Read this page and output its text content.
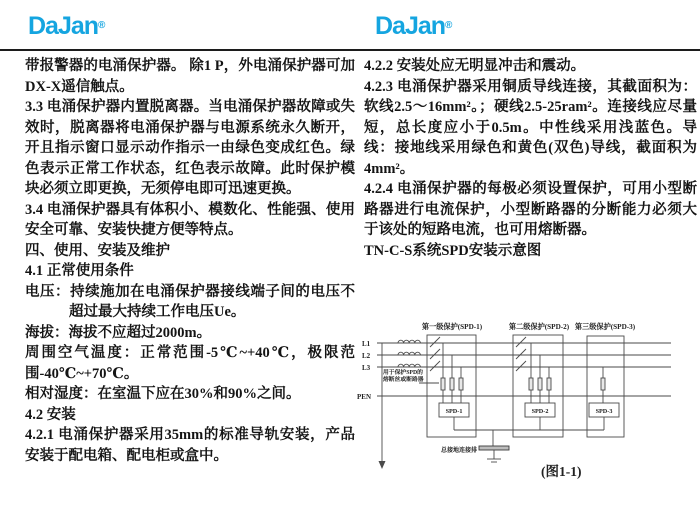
DaJan®	DaJan®

带报警器的电涌保护器。 除1 P，外电涌保护器可加DX-X遥信触点。

3.3 电涌保护器内置脱离器。当电涌保护器故障或失效时，脱离器将电涌保护器与电源系统永久断开，开且指示窗口显示动作指示一由绿色变成红色。绿色表示正常工作状态，红色表示故障。此时保护模块必须立即更换，无须停电即可迅速更换。

3.4 电涌保护器具有体积小、模数化、性能强、使用安全可靠、安装快捷方便等特点。

四、使用、安装及维护

4.1 正常使用条件

电压：持续施加在电涌保护器接线端子间的电压不超过最大持续工作电压Ue。

海拔：海拔不应超过2000m。

周围空气温度：正常范围-5℃~+40℃，极限范围-40℃~+70℃。

相对湿度：在室温下应在30%和90%之间。

4.2 安装

4.2.1 电涌保护器采用35mm的标准导轨安装，产品安装于配电箱、配电柜或盒中。

4.2.2 安装处应无明显冲击和震动。

4.2.3 电涌保护器采用铜质导线连接，其截面积为：软线2.5～16mm²。；硬线2.5-25ram²。连接线应尽量短，总长度应小于0.5m。中性线采用浅蓝色。导线：接地线采用绿色和黄色(双色)导线，截面积为4mm²。

4.2.4 电涌保护器的每极必须设置保护，可用小型断路器进行电流保护，小型断路器的分断能力必须大于该处的短路电流，也可用熔断器。

TN-C-S系统SPD安装示意图

第一级保护(SPD-1)	第二级保护(SPD-2) 第三级保护(SPD-3)
L1
L2
L3
PEN
SPD-1	SPD-2	SPD-3
总接地连接排
用于保护SPD的
熔断丝或断路器
(图1-1)
